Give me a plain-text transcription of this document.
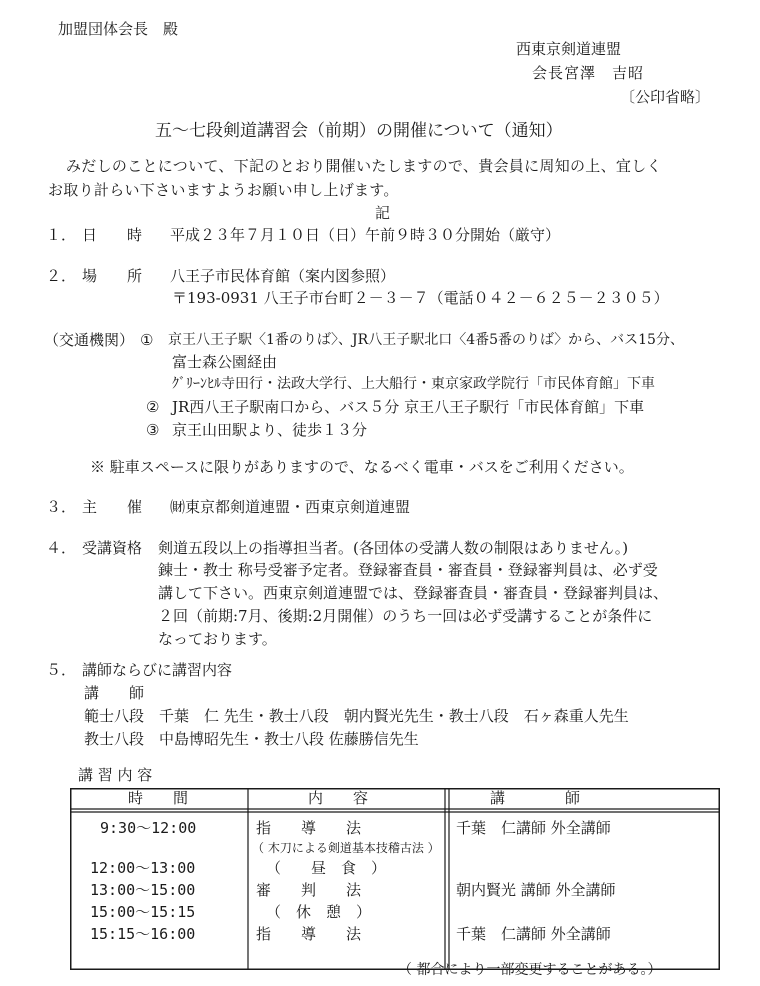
加盟団体会長　殿
西東京剣道連盟
会長宮澤　吉昭
〔公印省略〕
五～七段剣道講習会（前期）の開催について（通知）
みだしのことについて、下記のとおり開催いたしますので、貴会員に周知の上、宜しく
お取り計らい下さいますようお願い申し上げます。
記
１． 日　　時 平成２３年７月１０日（日）午前９時３０分開始（厳守）
２． 場　　所 八王子市民体育館（案内図参照）
〒193-0931 八王子市台町２－３－７（電話０４２－６２５－２３０５）
（交通機関） ① 京王八王子駅〈1番のりば〉、JR八王子駅北口〈4番5番のりば〉から、バス15分、
富士森公園経由
ｸﾞﾘｰﾝﾋﾙ寺田行・法政大学行、上大船行・東京家政学院行「市民体育館」下車
② JR西八王子駅南口から、バス５分 京王八王子駅行「市民体育館」下車
③ 京王山田駅より、徒歩１３分
※ 駐車スペースに限りがありますので、なるべく電車・バスをご利用ください。
３． 主　　催 ㈶東京都剣道連盟・西東京剣道連盟
４． 受講資格 剣道五段以上の指導担当者。(各団体の受講人数の制限はありません。)
錬士・教士 称号受審予定者。登録審査員・審査員・登録審判員は、必ず受
講して下さい。西東京剣道連盟では、登録審査員・審査員・登録審判員は、
２回（前期:7月、後期:2月開催）のうち一回は必ず受講することが条件に
なっております。
５． 講師ならびに講習内容
講　　師
範士八段　千葉　仁 先生・教士八段　朝内賢光先生・教士八段　石ヶ森重人先生
教士八段　中島博昭先生・教士八段 佐藤勝信先生
講 習 内 容
時　　間	内　　容	講　　　　師
9:30～12:00	指　　導　　法	千葉　仁講師 外全講師
（ 木刀による剣道基本技稽古法 ）
12:00～13:00	（　　昼　食　）
13:00～15:00	審　　判　　法	朝内賢光 講師 外全講師
15:00～15:15	（　休　憩　）
15:15～16:00	指　　導　　法	千葉　仁講師 外全講師
（ 都合により一部変更することがある。）
